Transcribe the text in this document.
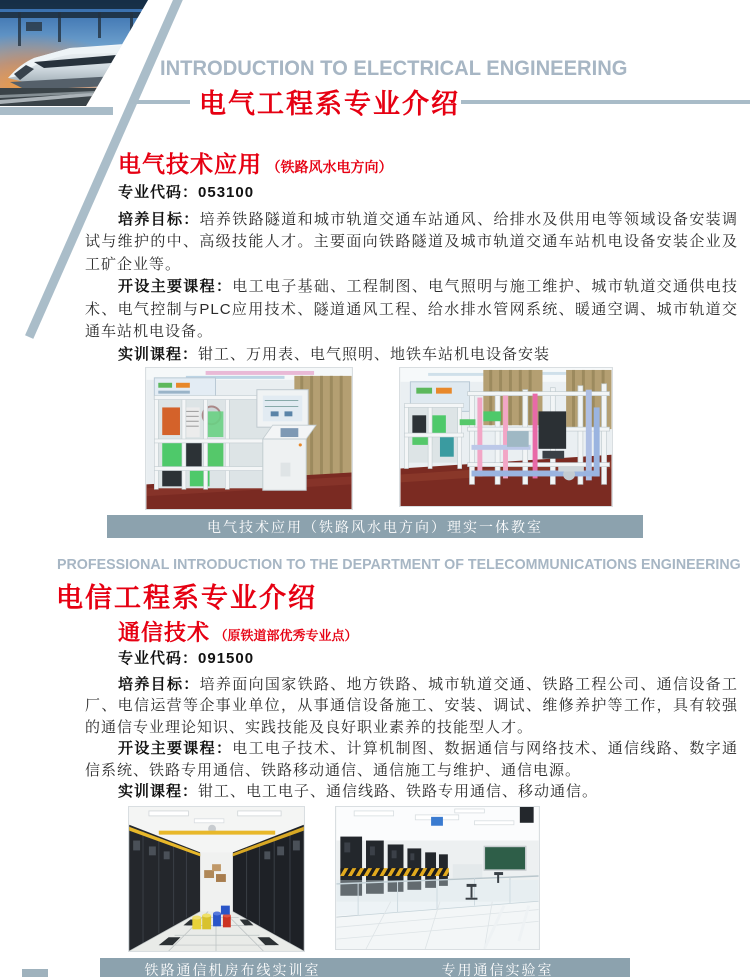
INTRODUCTION TO ELECTRICAL ENGINEERING
电气工程系专业介绍
电气技术应用 （铁路风水电方向）

专业代码：053100

培养目标：培养铁路隧道和城市轨道交通车站通风、给排水及供用电等领域设备安装调试与维护的中、高级技能人才。主要面向铁路隧道及城市轨道交通车站机电设备安装企业及工矿企业等。

开设主要课程：电工电子基础、工程制图、电气照明与施工维护、城市轨道交通供电技术、电气控制与PLC应用技术、隧道通风工程、给水排水管网系统、暖通空调、城市轨道交通车站机电设备。

实训课程：钳工、万用表、电气照明、地铁车站机电设备安装

电气技术应用（铁路风水电方向）理实一体教室
PROFESSIONAL INTRODUCTION TO THE DEPARTMENT OF TELECOMMUNICATIONS ENGINEERING
电信工程系专业介绍
通信技术 （原铁道部优秀专业点）

专业代码：091500

培养目标：培养面向国家铁路、地方铁路、城市轨道交通、铁路工程公司、通信设备工厂、电信运营等企事业单位，从事通信设备施工、安装、调试、维修养护等工作，具有较强的通信专业理论知识、实践技能及良好职业素养的技能型人才。

开设主要课程：电工电子技术、计算机制图、数据通信与网络技术、通信线路、数字通信系统、铁路专用通信、铁路移动通信、通信施工与维护、通信电源。

实训课程：钳工、电工电子、通信线路、铁路专用通信、移动通信。

铁路通信机房布线实训室	专用通信实验室
